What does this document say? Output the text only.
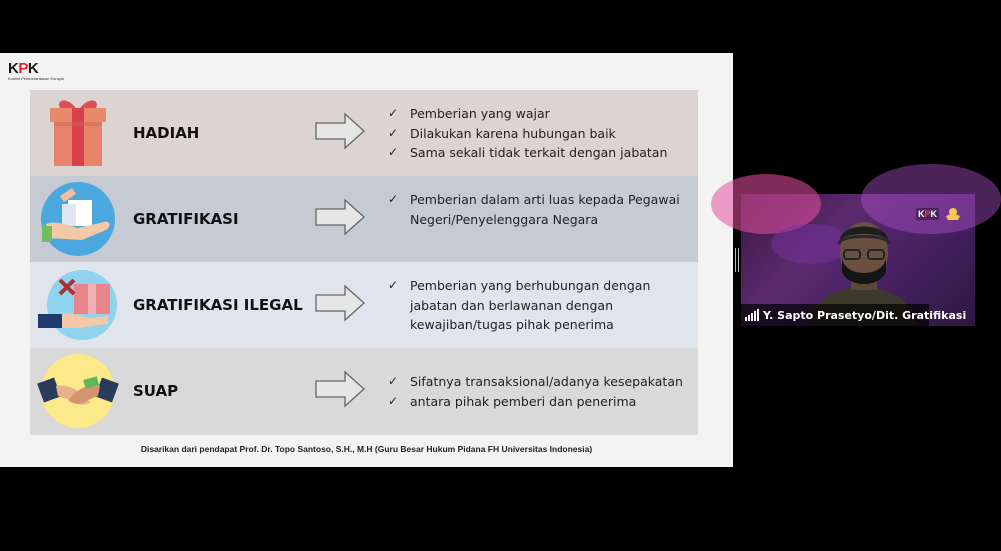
KPK
Komisi Pemberantasan Korupsi
HADIAH
✓ Pemberian yang wajar
✓ Dilakukan karena hubungan baik
✓ Sama sekali tidak terkait dengan jabatan
GRATIFIKASI
✓ Pemberian dalam arti luas kepada Pegawai Negeri/Penyelenggara Negara
GRATIFIKASI ILEGAL
✓ Pemberian yang berhubungan dengan jabatan dan berlawanan dengan kewajiban/tugas pihak penerima
SUAP
✓ Sifatnya transaksional/adanya kesepakatan
✓ antara pihak pemberi dan penerima
Disarikan dari pendapat Prof. Dr. Topo Santoso, S.H., M.H (Guru Besar Hukum Pidana FH Universitas Indonesia)
KPK
Y. Sapto Prasetyo/Dit. Gratifikasi
